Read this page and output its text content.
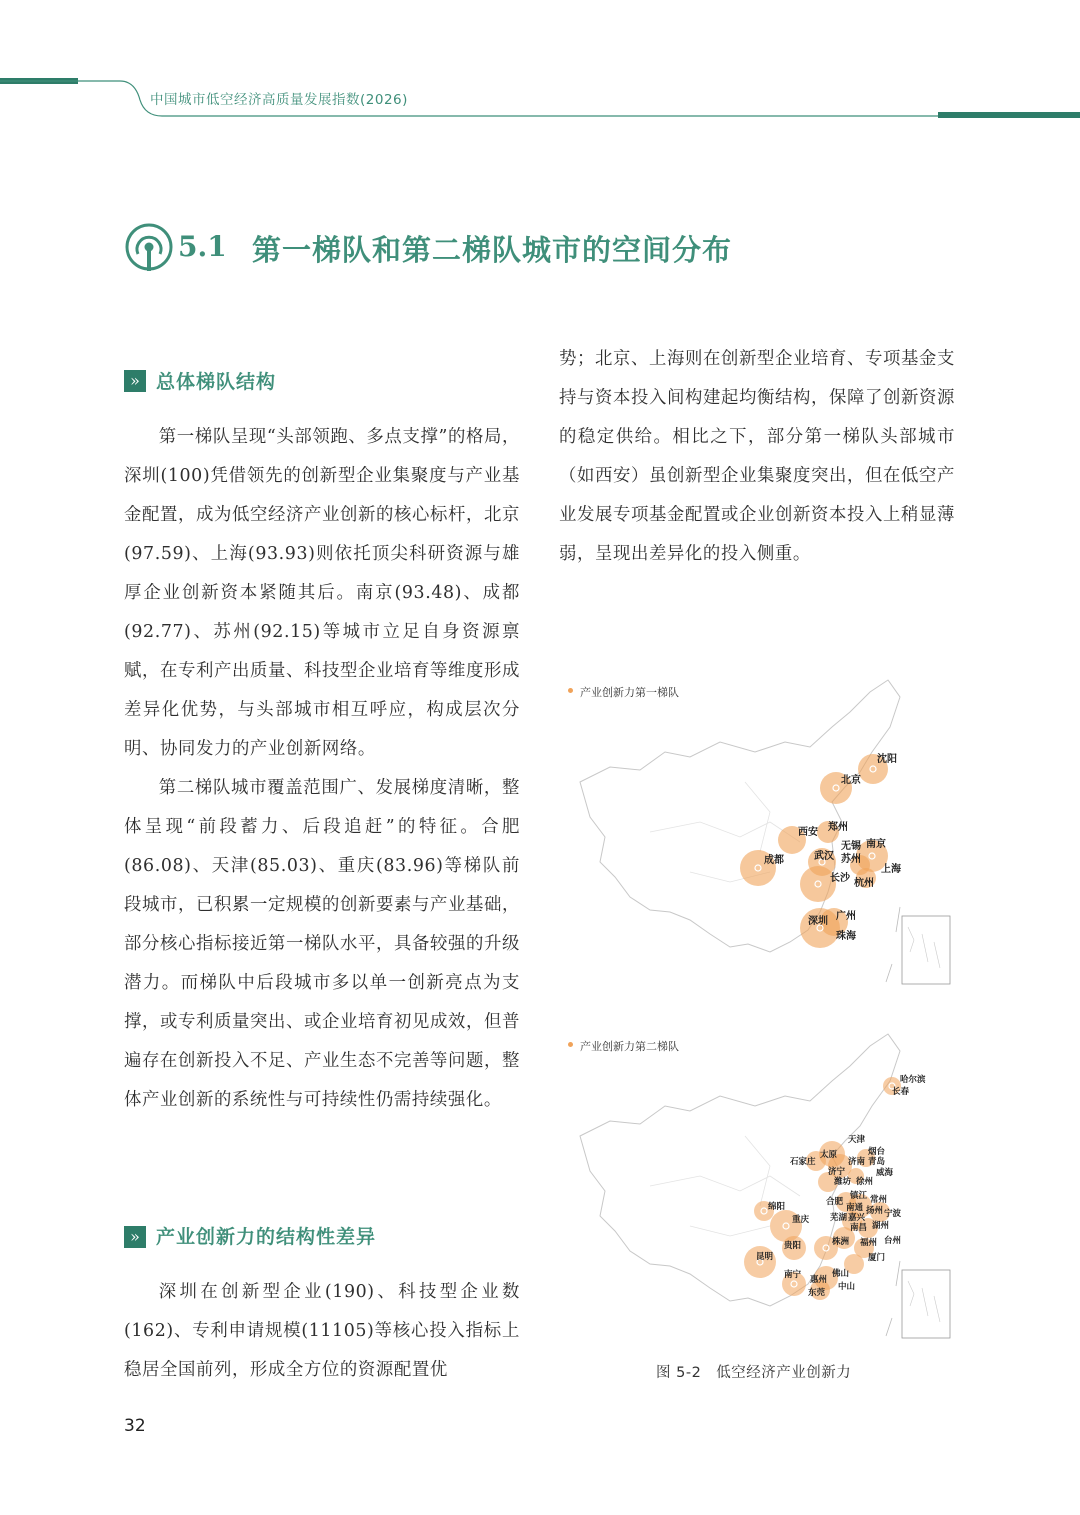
中国城市低空经济高质量发展指数(2026)
5.1 第一梯队和第二梯队城市的空间分布
» 总体梯队结构

第一梯队呈现“头部领跑、多点支撑”的格局，深圳(100)凭借领先的创新型企业集聚度与产业基金配置，成为低空经济产业创新的核心标杆，北京(97.59)、上海(93.93)则依托顶尖科研资源与雄厚企业创新资本紧随其后。南京(93.48)、成都(92.77)、苏州(92.15)等城市立足自身资源禀赋，在专利产出质量、科技型企业培育等维度形成差异化优势，与头部城市相互呼应，构成层次分明、协同发力的产业创新网络。

第二梯队城市覆盖范围广、发展梯度清晰，整体呈现“前段蓄力、后段追赶”的特征。合肥(86.08)、天津(85.03)、重庆(83.96)等梯队前段城市，已积累一定规模的创新要素与产业基础，部分核心指标接近第一梯队水平，具备较强的升级潜力。而梯队中后段城市多以单一创新亮点为支撑，或专利质量突出、或企业培育初见成效，但普遍存在创新投入不足、产业生态不完善等问题，整体产业创新的系统性与可持续性仍需持续强化。

» 产业创新力的结构性差异

深圳在创新型企业(190)、科技型企业数(162)、专利申请规模(11105)等核心投入指标上稳居全国前列，形成全方位的资源配置优

势；北京、上海则在创新型企业培育、专项基金支持与资本投入间构建起均衡结构，保障了创新资源的稳定供给。相比之下，部分第一梯队头部城市（如西安）虽创新型企业集聚度突出，但在低空产业发展专项基金配置或企业创新资本投入上稍显薄弱，呈现出差异化的投入侧重。

产业创新力第一梯队
沈阳
北京
西安 郑州
成都	武汉
无锡 南京
苏州
上海
长沙 杭州
深圳 广州
珠海
产业创新力第二梯队
哈尔滨
长春
天津
太原	烟台
石家庄	济南 青岛
济宁	威海
潍坊 徐州
镇江
合肥	常州
南通 扬州
绵阳
芜湖	宁波
嘉兴
重庆
南昌 湖州
株洲 福州
贵阳	台州
厦门
昆明
南宁	佛山
惠州
中山
东莞
图 5-2　低空经济产业创新力
32
